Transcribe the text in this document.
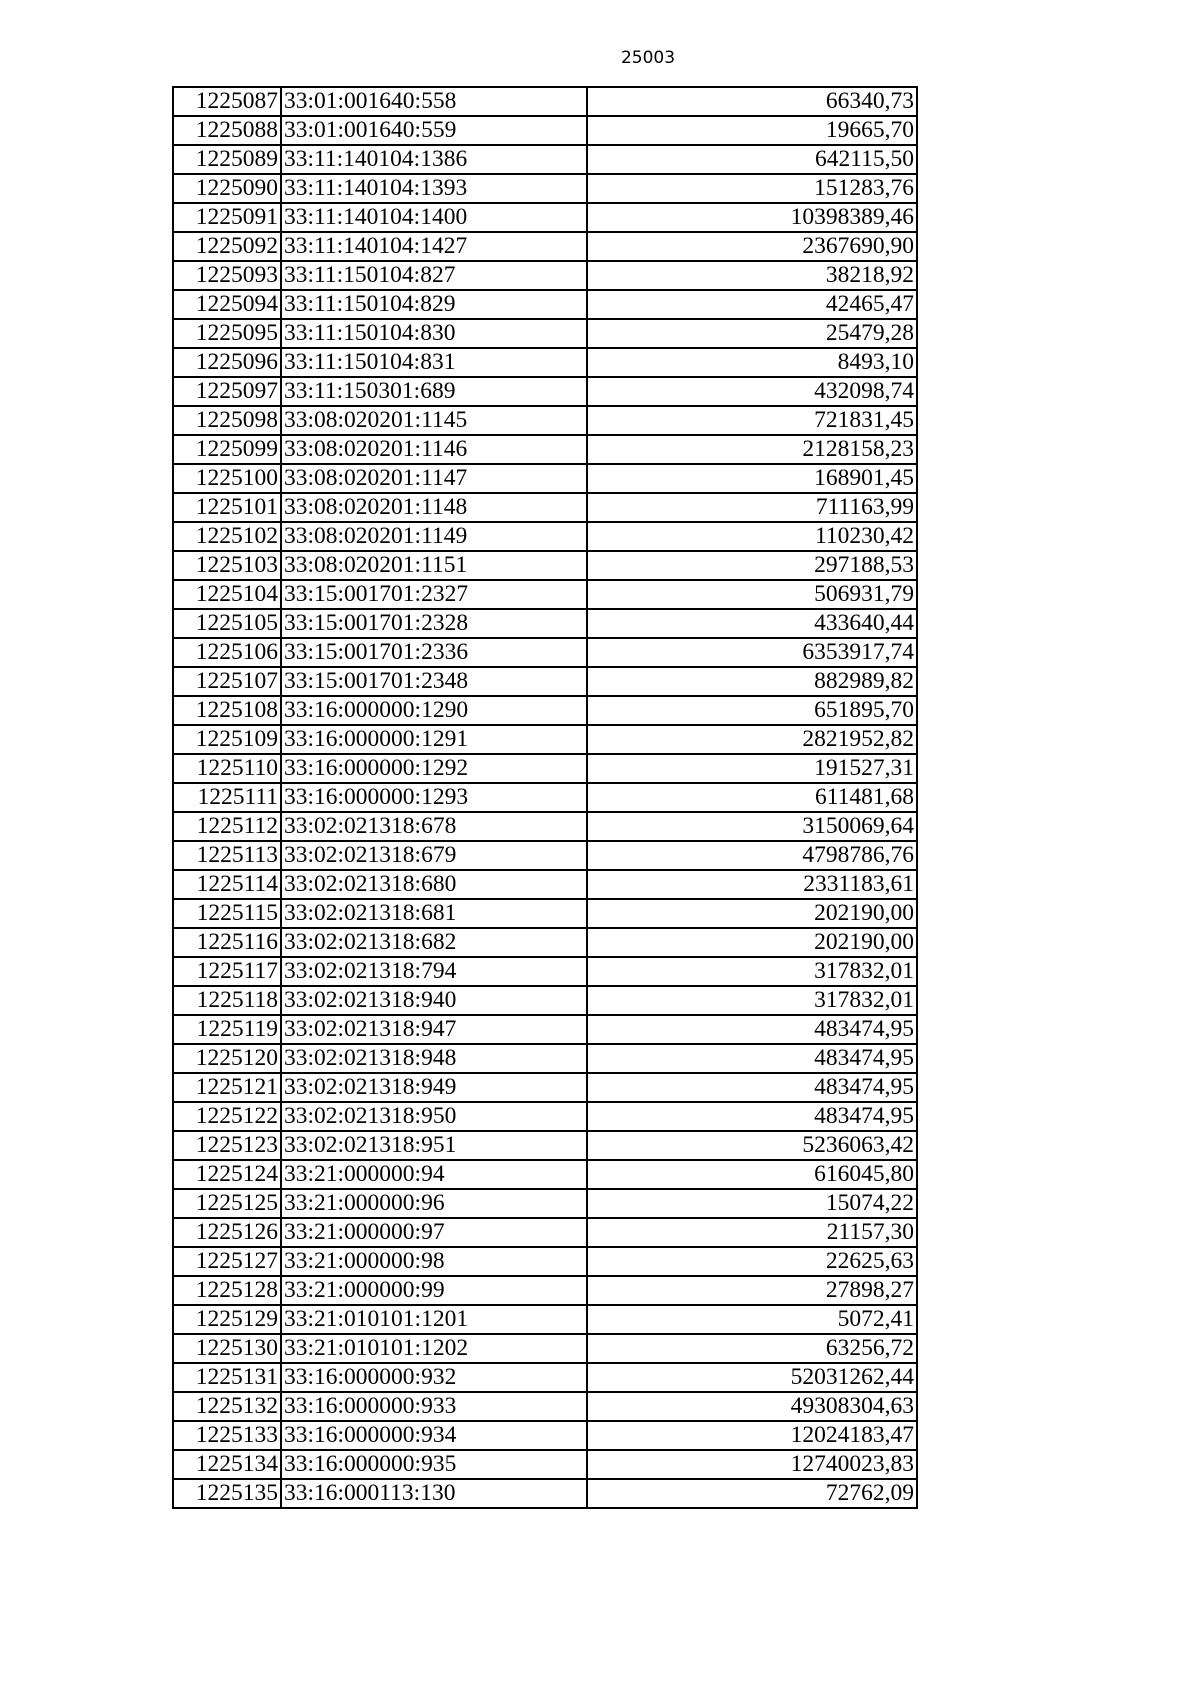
25003
1225087	33:01:001640:558	66340,73
1225088	33:01:001640:559	19665,70
1225089	33:11:140104:1386	642115,50
1225090	33:11:140104:1393	151283,76
1225091	33:11:140104:1400	10398389,46
1225092	33:11:140104:1427	2367690,90
1225093	33:11:150104:827	38218,92
1225094	33:11:150104:829	42465,47
1225095	33:11:150104:830	25479,28
1225096	33:11:150104:831	8493,10
1225097	33:11:150301:689	432098,74
1225098	33:08:020201:1145	721831,45
1225099	33:08:020201:1146	2128158,23
1225100	33:08:020201:1147	168901,45
1225101	33:08:020201:1148	711163,99
1225102	33:08:020201:1149	110230,42
1225103	33:08:020201:1151	297188,53
1225104	33:15:001701:2327	506931,79
1225105	33:15:001701:2328	433640,44
1225106	33:15:001701:2336	6353917,74
1225107	33:15:001701:2348	882989,82
1225108	33:16:000000:1290	651895,70
1225109	33:16:000000:1291	2821952,82
1225110	33:16:000000:1292	191527,31
1225111	33:16:000000:1293	611481,68
1225112	33:02:021318:678	3150069,64
1225113	33:02:021318:679	4798786,76
1225114	33:02:021318:680	2331183,61
1225115	33:02:021318:681	202190,00
1225116	33:02:021318:682	202190,00
1225117	33:02:021318:794	317832,01
1225118	33:02:021318:940	317832,01
1225119	33:02:021318:947	483474,95
1225120	33:02:021318:948	483474,95
1225121	33:02:021318:949	483474,95
1225122	33:02:021318:950	483474,95
1225123	33:02:021318:951	5236063,42
1225124	33:21:000000:94	616045,80
1225125	33:21:000000:96	15074,22
1225126	33:21:000000:97	21157,30
1225127	33:21:000000:98	22625,63
1225128	33:21:000000:99	27898,27
1225129	33:21:010101:1201	5072,41
1225130	33:21:010101:1202	63256,72
1225131	33:16:000000:932	52031262,44
1225132	33:16:000000:933	49308304,63
1225133	33:16:000000:934	12024183,47
1225134	33:16:000000:935	12740023,83
1225135	33:16:000113:130	72762,09
